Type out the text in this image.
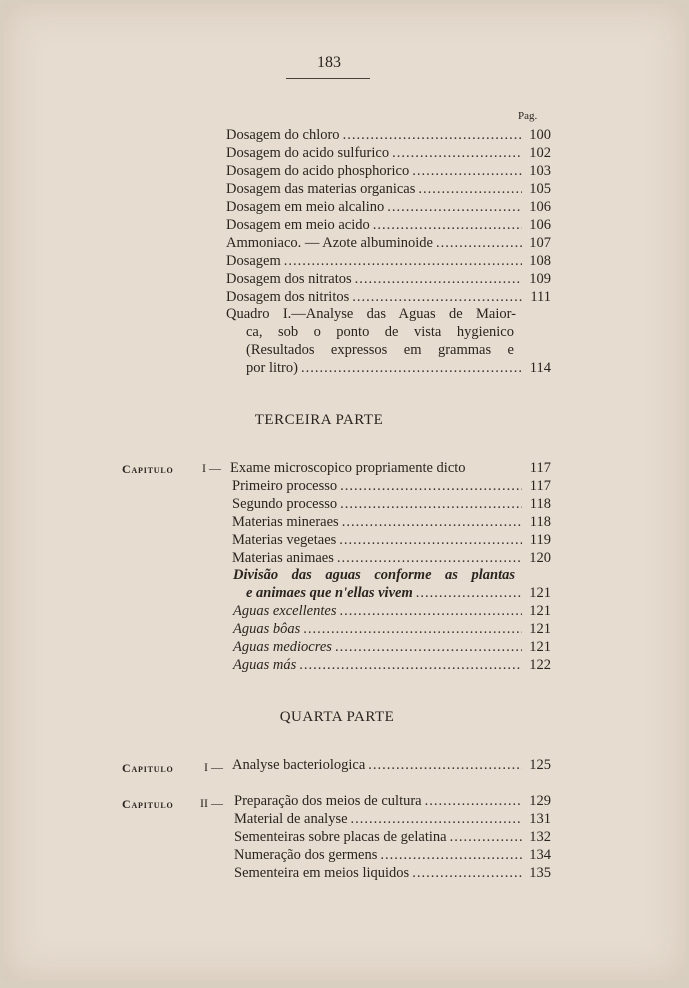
183
Pag.
Dosagem do chloro .....	100
Dosagem do acido sulfurico .....	102
Dosagem do acido phosphorico .....	103
Dosagem das materias organicas .....	105
Dosagem em meio alcalino .....	106
Dosagem em meio acido .....	106
Ammoniaco. — Azote albuminoide .....	107
Dosagem .....	108
Dosagem dos nitratos .....	109
Dosagem dos nitritos .....	111
Quadro I.—Analyse das Aguas de Maior-
ca, sob o ponto de vista hygienico
(Resultados expressos em grammas e
por litro) .....	114
TERCEIRA PARTE
Capitulo I — Exame microscopico propriamente dicto	117
Primeiro processo .....	117
Segundo processo .....	118
Materias mineraes .....	118
Materias vegetaes .....	119
Materias animaes .....	120
Divisão das aguas conforme as plantas
e animaes que n'ellas vivem .....	121
Aguas excellentes .....	121
Aguas bôas .....	121
Aguas mediocres .....	121
Aguas más .....	122
QUARTA PARTE
Capitulo	I — Analyse bacteriologica .....	125
Capitulo II — Preparação dos meios de cultura .....	129
Material de analyse .....	131
Sementeiras sobre placas de gelatina .....	132
Numeração dos germens .....	134
Sementeira em meios liquidos .....	135
